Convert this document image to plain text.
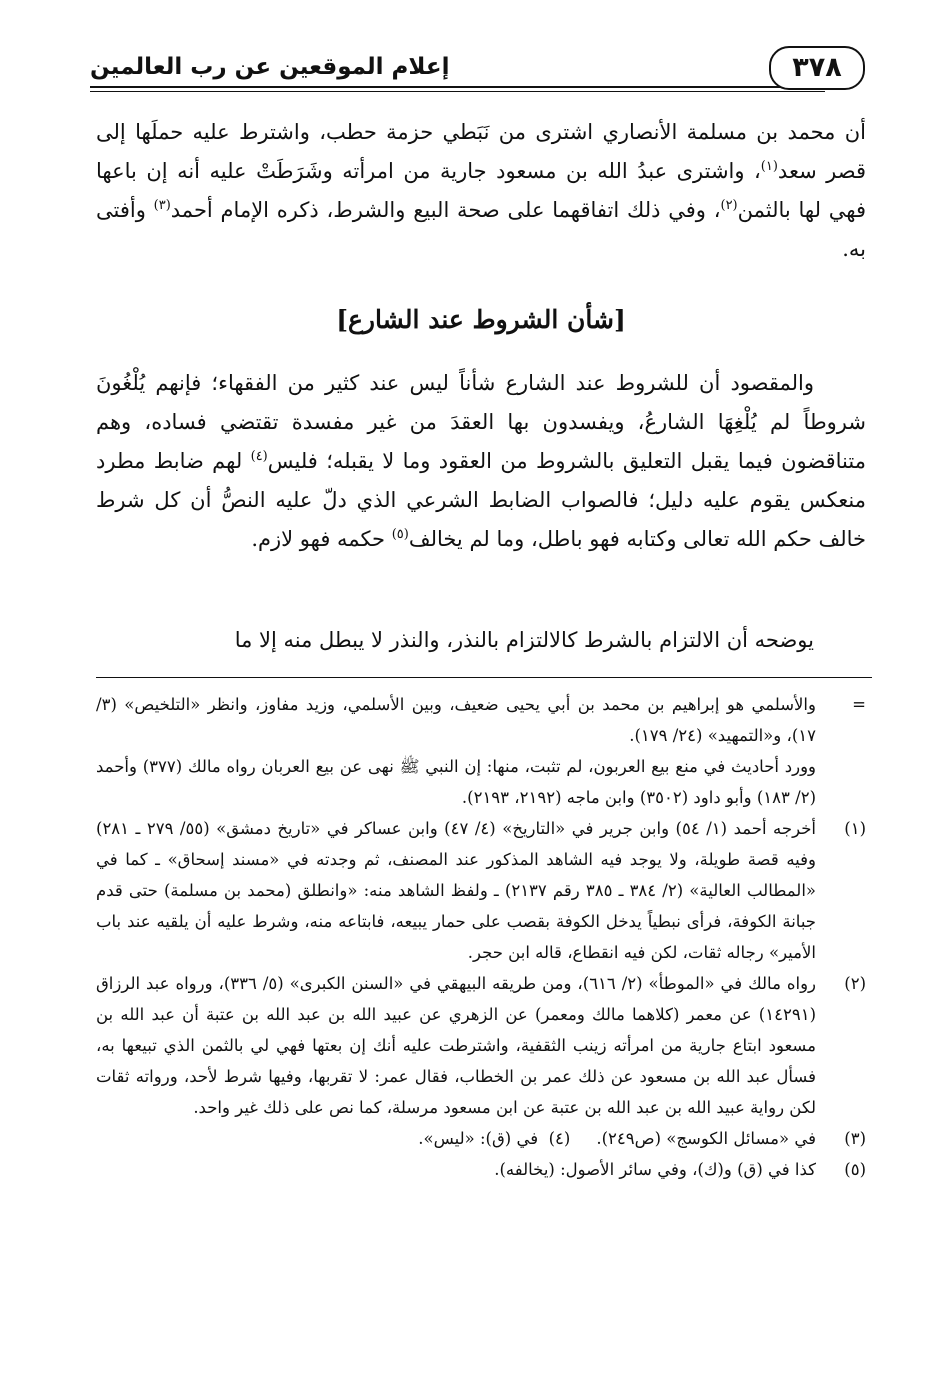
٣٧٨
إعلام الموقعين عن رب العالمين
أن محمد بن مسلمة الأنصاري اشترى من نَبَطي حزمة حطب، واشترط عليه حملَها إلى قصر سعد$^{(١)}$، واشترى عبدُ الله بن مسعود جارية من امرأته وشَرَطَتْ عليه أنه إن باعها فهي لها بالثمن$^{(٢)}$، وفي ذلك اتفاقهما على صحة البيع والشرط، ذكره الإمام أحمد$^{(٣)}$ وأفتى به.
[شأن الشروط عند الشارع]
والمقصود أن للشروط عند الشارع شأناً ليس عند كثير من الفقهاء؛ فإنهم يُلْغُونَ شروطاً لم يُلْغِهَا الشارعُ، ويفسدون بها العقدَ من غير مفسدة تقتضي فساده، وهم متناقضون فيما يقبل التعليق بالشروط من العقود وما لا يقبله؛ فليس$^{(٤)}$ لهم ضابط مطرد منعكس يقوم عليه دليل؛ فالصواب الضابط الشرعي الذي دلّ عليه النصُّ أن كل شرط خالف حكم الله تعالى وكتابه فهو باطل، وما لم يخالف$^{(٥)}$ حكمه فهو لازم.
يوضحه أن الالتزام بالشرط كالالتزام بالنذر، والنذر لا يبطل منه إلا ما
=
والأسلمي هو إبراهيم بن محمد بن أبي يحيى ضعيف، وبين الأسلمي، وزيد مفاوز، وانظر «التلخيص» (٣/ ١٧)، و«التمهيد» (٢٤/ ١٧٩).
وورد أحاديث في منع بيع العربون، لم تثبت، منها: إن النبي ﷺ نهى عن بيع العربان رواه مالك (٣٧٧) وأحمد (٢/ ١٨٣) وأبو داود (٣٥٠٢) وابن ماجه (٢١٩٢، ٢١٩٣).
(١)
أخرجه أحمد (١/ ٥٤) وابن جرير في «التاريخ» (٤/ ٤٧) وابن عساكر في «تاريخ دمشق» (٥٥/ ٢٧٩ ـ ٢٨١) وفيه قصة طويلة، ولا يوجد فيه الشاهد المذكور عند المصنف، ثم وجدته في «مسند إسحاق» ـ كما في «المطالب العالية» (٢/ ٣٨٤ ـ ٣٨٥ رقم ٢١٣٧) ـ ولفظ الشاهد منه: «وانطلق (محمد بن مسلمة) حتى قدم جبانة الكوفة، فرأى نبطياً يدخل الكوفة بقصب على حمار يبيعه، فابتاعه منه، وشرط عليه أن يلقيه عند باب الأمير» رجاله ثقات، لكن فيه انقطاع، قاله ابن حجر.
(٢)
رواه مالك في «الموطأ» (٢/ ٦١٦)، ومن طريقه البيهقي في «السنن الكبرى» (٥/ ٣٣٦)، ورواه عبد الرزاق (١٤٢٩١) عن معمر (كلاهما مالك ومعمر) عن الزهري عن عبيد الله بن عبد الله بن عتبة أن عبد الله بن مسعود ابتاع جارية من امرأته زينب الثقفية، واشترطت عليه أنك إن بعتها فهي لي بالثمن الذي تبيعها به، فسأل عبد الله بن مسعود عن ذلك عمر بن الخطاب، فقال عمر: لا تقربها، وفيها شرط لأحد، ورواته ثقات لكن رواية عبيد الله بن عبد الله بن عتبة عن ابن مسعود مرسلة، كما نص على ذلك غير واحد.
(٣)
في «مسائل الكوسج» (ص٢٤٩).
(٤)  في (ق): «ليس».
(٥)
كذا في (ق) و(ك)، وفي سائر الأصول: (يخالفه).
